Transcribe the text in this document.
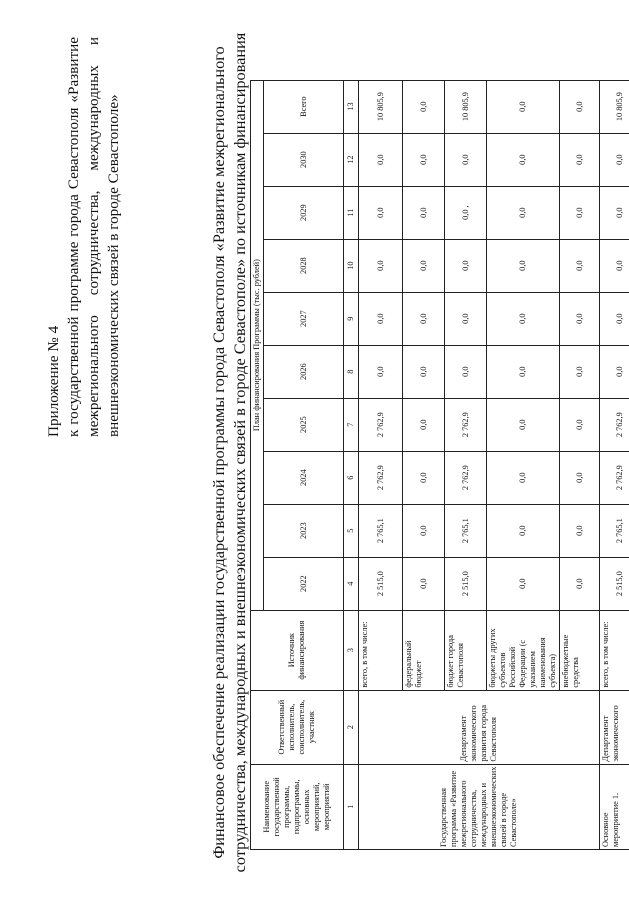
Приложение № 4 к государственной программе города Севастополя «Развитие межрегионального сотрудничества, международных и внешнеэкономических связей в городе Севастополе»	Финансовое обеспечение реализации государственной программы города Севастополя «Развитие межрегионального сотрудничества, международных и внешнеэкономических связей в городе Севастополе» по источникам финансирования Наименование государственной программы, подпрограммы, основных мероприятий, мероприятий	Ответственный исполнитель, соисполнитель, участник	Источник финансирования	План финансирования Программы (тыс. рублей)									
			2022	2023	2024	2025	2026	2027	2028	2029	2030	Всего
1	2	3	4	5	6	7	8	9	10	11	12	13
Государственная программа «Развитие межрегионального сотрудничества, международных и внешнеэкономических связей в городе Севастополе»	Департамент экономического развития города Севастополя	всего, в том числе:	2 515,0	2 765,1	2 762,9	2 762,9	0,0	0,0	0,0	0,0	0,0	10 805,9
		федеральный бюджет	0,0	0,0	0,0	0,0	0,0	0,0	0,0	0,0	0,0	0,0
		бюджет города Севастополя	2 515,0	2 765,1	2 762,9	2 762,9	0,0	0,0	0,0	0,0 ,	0,0	10 805,9
		бюджеты других субъектов Российской Федерации (с указанием наименования субъекта)	0,0	0,0	0,0	0,0	0,0	0,0	0,0	0,0	0,0	0,0
		внебюджетные средства	0,0	0,0	0,0	0,0	0,0	0,0	0,0	0,0	0,0	0,0
Основное мероприятие 1.	Департамент экономического	всего, в том числе:	2 515,0	2 765,1	2 762,9	2 762,9	0,0	0,0	0,0	0,0	0,0	10 805,9
